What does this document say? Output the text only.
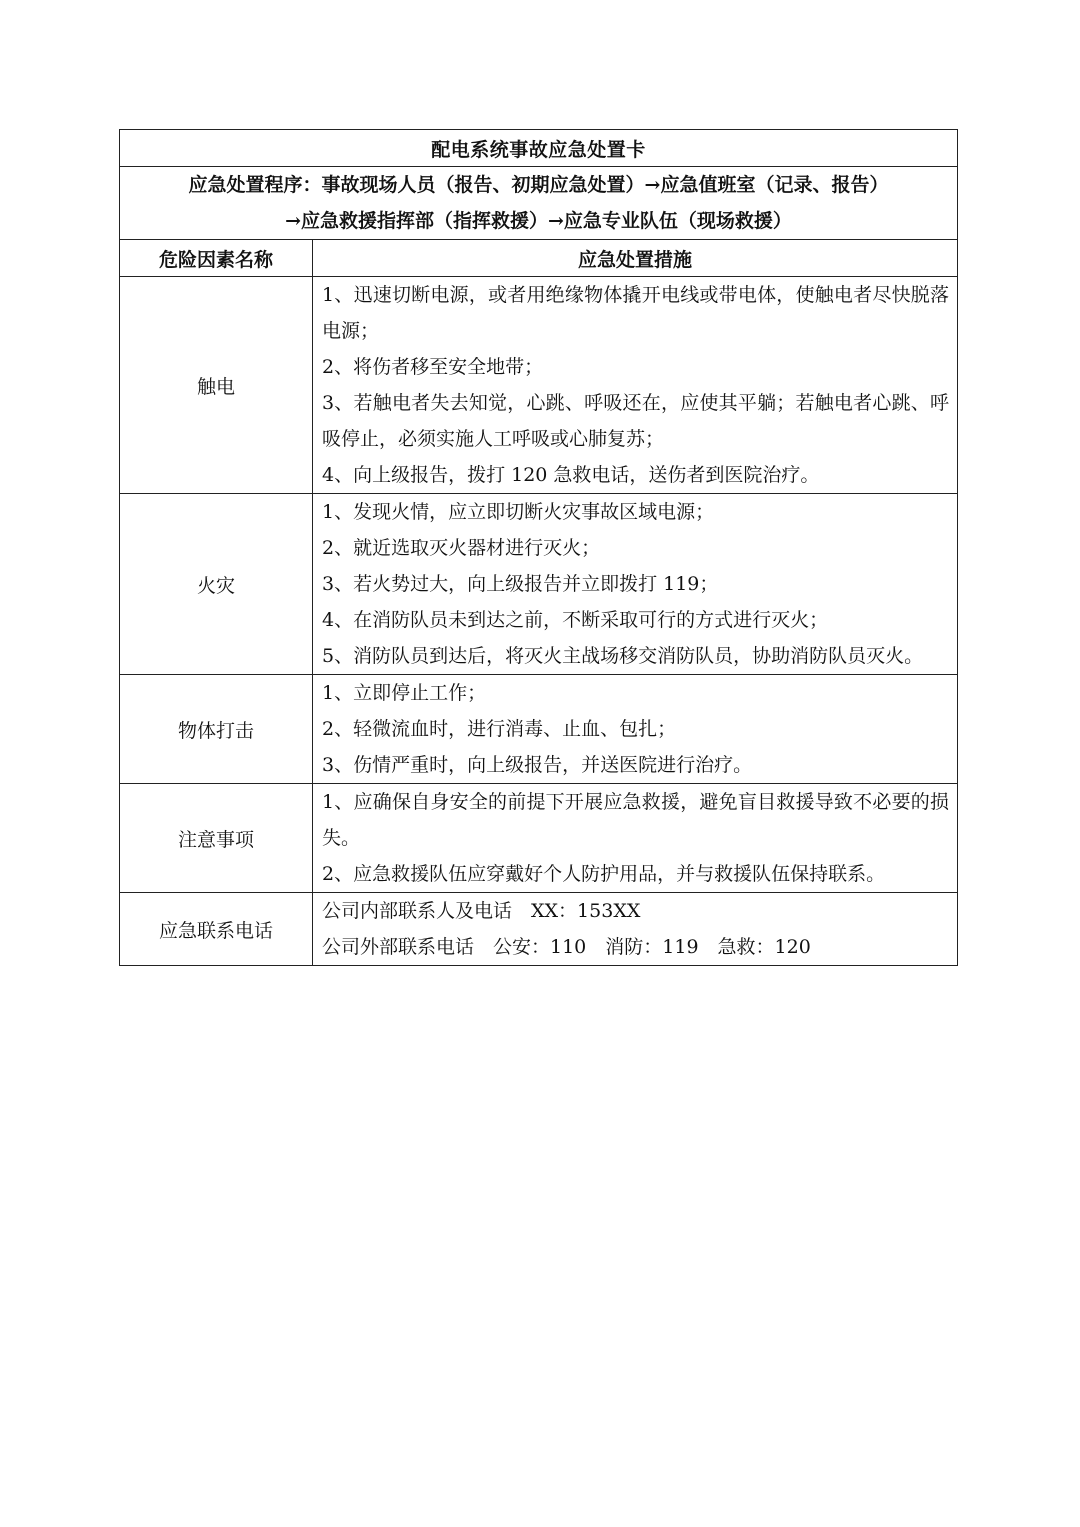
配电系统事故应急处置卡	

应急处置程序：事故现场人员（报告、初期应急处置）→应急值班室（记录、报告）
→应急救援指挥部（指挥救援）→应急专业队伍（现场救援）	

危险因素名称	应急处置措施
触电	1、迅速切断电源，或者用绝缘物体撬开电线或带电体，使触电者尽快脱落电源；
2、将伤者移至安全地带；
3、若触电者失去知觉，心跳、呼吸还在，应使其平躺；若触电者心跳、呼吸停止，必须实施人工呼吸或心肺复苏；
4、向上级报告，拨打 120 急救电话，送伤者到医院治疗。

火灾	1、发现火情，应立即切断火灾事故区域电源；
2、就近选取灭火器材进行灭火；
3、若火势过大，向上级报告并立即拨打 119；
4、在消防队员未到达之前，不断采取可行的方式进行灭火；
5、消防队员到达后，将灭火主战场移交消防队员，协助消防队员灭火。

物体打击	1、立即停止工作；
2、轻微流血时，进行消毒、止血、包扎；
3、伤情严重时，向上级报告，并送医院进行治疗。

注意事项	1、应确保自身安全的前提下开展应急救援，避免盲目救援导致不必要的损失。
2、应急救援队伍应穿戴好个人防护用品，并与救援队伍保持联系。

应急联系电话	公司内部联系人及电话　XX：153XX
公司外部联系电话　公安：110　消防：119　急救：120
